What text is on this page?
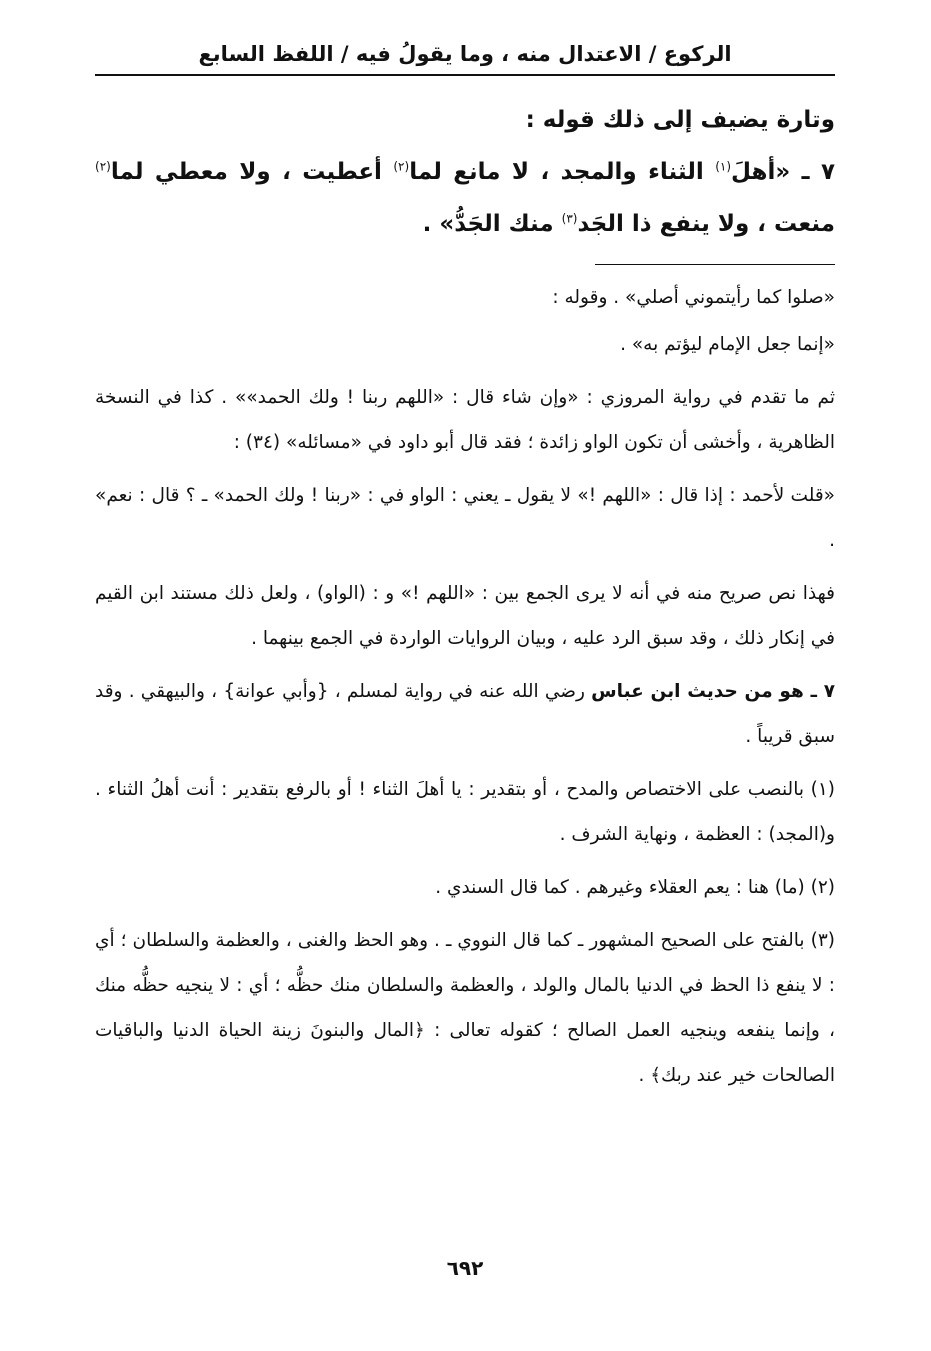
الركوع / الاعتدال منه ، وما يقولُ فيه / اللفظ السابع

وتارة يضيف إلى ذلك قوله :

٧ ـ «أهلَ$^{(١)}$ الثناء والمجد ، لا مانع لما$^{(٢)}$ أعطيت ، ولا معطي لما$^{(٢)}$ منعت ، ولا ينفع ذا الجَد$^{(٣)}$ منك الجَدُّ» .

«صلوا كما رأيتموني أصلي» . وقوله :

«إنما جعل الإمام ليؤتم به» .

ثم ما تقدم في رواية المروزي : «وإن شاء قال : «اللهم ربنا ! ولك الحمد»» . كذا في النسخة الظاهرية ، وأخشى أن تكون الواو زائدة ؛ فقد قال أبو داود في «مسائله» (٣٤) :

«قلت لأحمد : إذا قال : «اللهم !» لا يقول ـ يعني : الواو في : «ربنا ! ولك الحمد» ـ ؟ قال : نعم» .

فهذا نص صريح منه في أنه لا يرى الجمع بين : «اللهم !» و : (الواو) ، ولعل ذلك مستند ابن القيم في إنكار ذلك ، وقد سبق الرد عليه ، وبيان الروايات الواردة في الجمع بينهما .

٧ ـ هو من حديث ابن عباس رضي الله عنه في رواية لمسلم ، {وأبي عوانة} ، والبيهقي . وقد سبق قريباً .

(١) بالنصب على الاختصاص والمدح ، أو بتقدير : يا أهلَ الثناء ! أو بالرفع بتقدير : أنت أهلُ الثناء . و(المجد) : العظمة ، ونهاية الشرف .

(٢) (ما) هنا : يعم العقلاء وغيرهم . كما قال السندي .

(٣) بالفتح على الصحيح المشهور ـ كما قال النووي ـ . وهو الحظ والغنى ، والعظمة والسلطان ؛ أي : لا ينفع ذا الحظ في الدنيا بالمال والولد ، والعظمة والسلطان منك حظُّه ؛ أي : لا ينجيه حظُّه منك ، وإنما ينفعه وينجيه العمل الصالح ؛ كقوله تعالى : ﴿المال والبنونَ زينة الحياة الدنيا والباقيات الصالحات خير عند ربك﴾ .

٦٩٢
